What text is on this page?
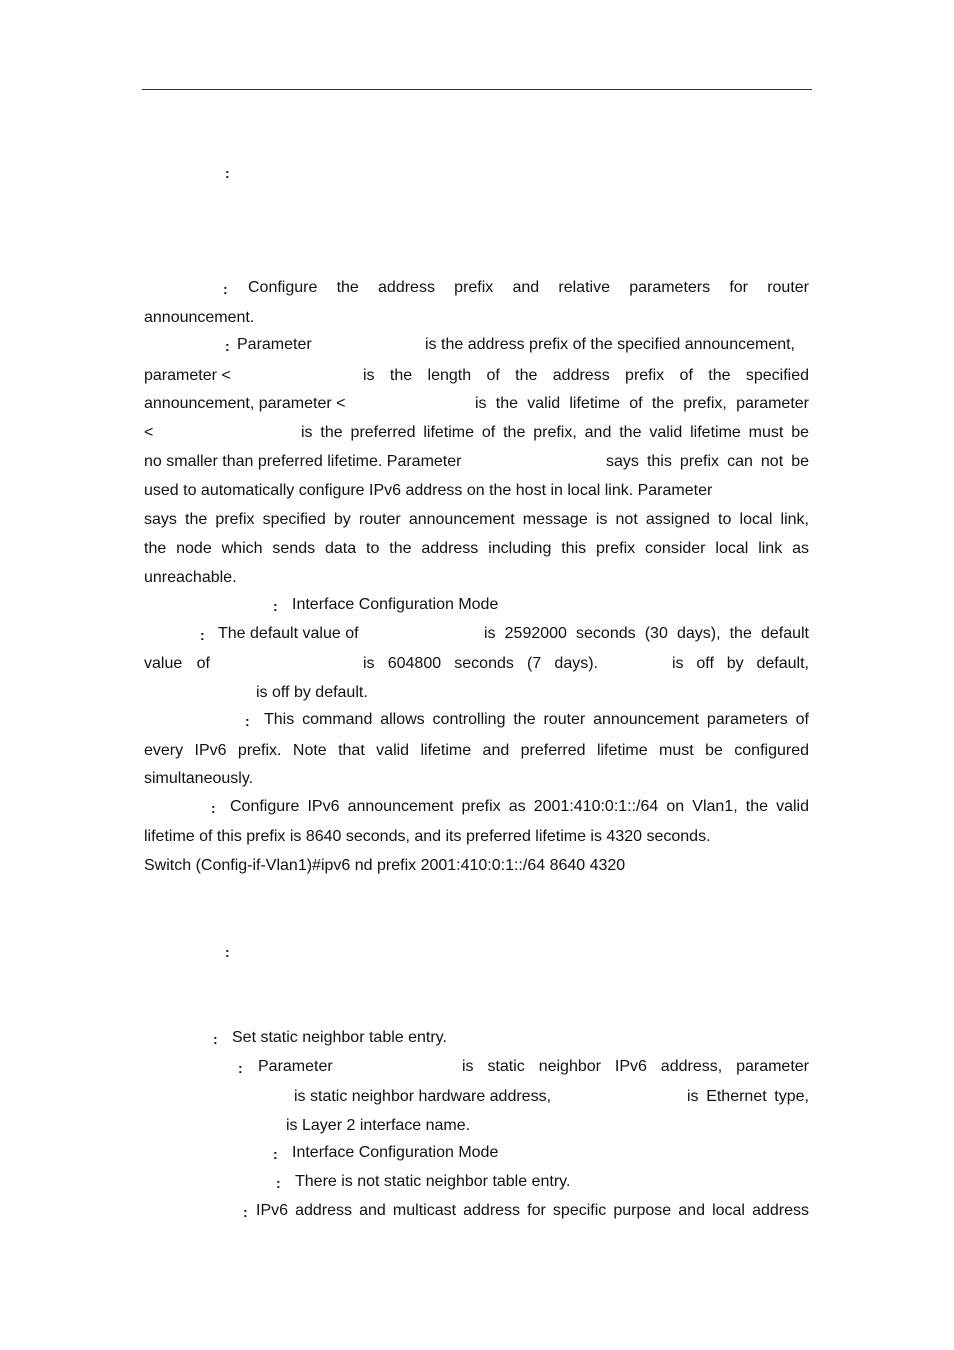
:
: Configure the address prefix and relative parameters for router
announcement.
: Parameter	is the address prefix of the specified announcement,
parameter <	is the length of the address prefix of the specified
announcement, parameter <	is the valid lifetime of the prefix, parameter
<	is the preferred lifetime of the prefix, and the valid lifetime must be
no smaller than preferred lifetime. Parameter	says this prefix can not be
used to automatically configure IPv6 address on the host in local link. Parameter
says the prefix specified by router announcement message is not assigned to local link,
the node which sends data to the address including this prefix consider local link as
unreachable.
: Interface Configuration Mode
: The default value of	is 2592000 seconds (30 days), the default
value of	is 604800 seconds (7 days).	is off by default,
is off by default.
: This command allows controlling the router announcement parameters of
every IPv6 prefix. Note that valid lifetime and preferred lifetime must be configured
simultaneously.
: Configure IPv6 announcement prefix as 2001:410:0:1::/64 on Vlan1, the valid
lifetime of this prefix is 8640 seconds, and its preferred lifetime is 4320 seconds.
Switch (Config-if-Vlan1)#ipv6 nd prefix 2001:410:0:1::/64 8640 4320
:
: Set static neighbor table entry.
: Parameter	is static neighbor IPv6 address, parameter
is static neighbor hardware address,	is Ethernet type,
is Layer 2 interface name.
: Interface Configuration Mode
: There is not static neighbor table entry.
: IPv6 address and multicast address for specific purpose and local address
